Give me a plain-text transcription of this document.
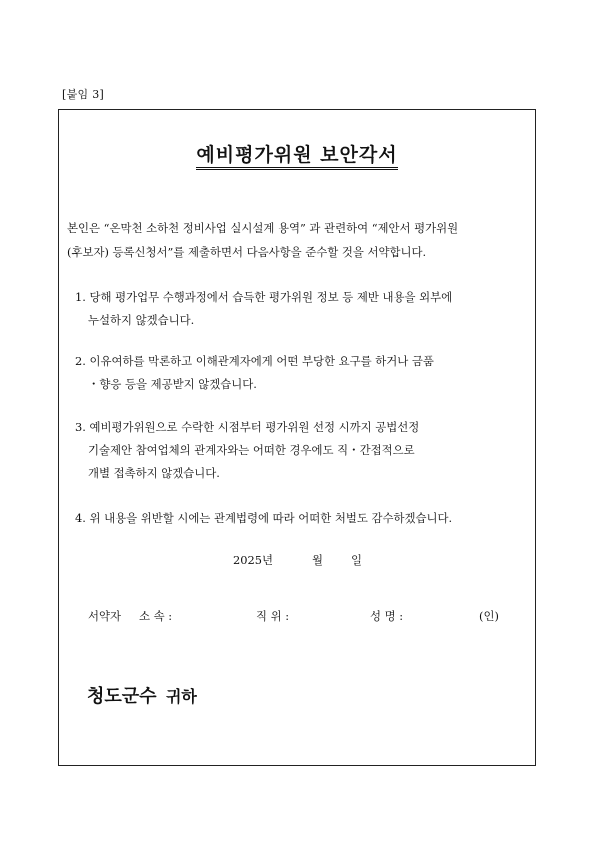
[붙임 3]
예비평가위원 보안각서
본인은 “온막천 소하천 정비사업 실시설계 용역” 과 관련하여 “제안서 평가위원
(후보자) 등록신청서”를 제출하면서 다음사항을 준수할 것을 서약합니다.
1. 당해 평가업무 수행과정에서 습득한 평가위원 정보 등 제반 내용을 외부에
누설하지 않겠습니다.
2. 이유여하를 막론하고 이해관계자에게 어떤 부당한 요구를 하거나 금품
・향응 등을 제공받지 않겠습니다.
3. 예비평가위원으로 수락한 시점부터 평가위원 선정 시까지 공법선정
기술제안 참여업체의 관계자와는 어떠한 경우에도 직・간접적으로
개별 접촉하지 않겠습니다.
4. 위 내용을 위반할 시에는 관계법령에 따라 어떠한 처벌도 감수하겠습니다.
2025년	월 일
서약자 소 속 :	직 위 :	성 명 :	(인)
청도군수 귀하
